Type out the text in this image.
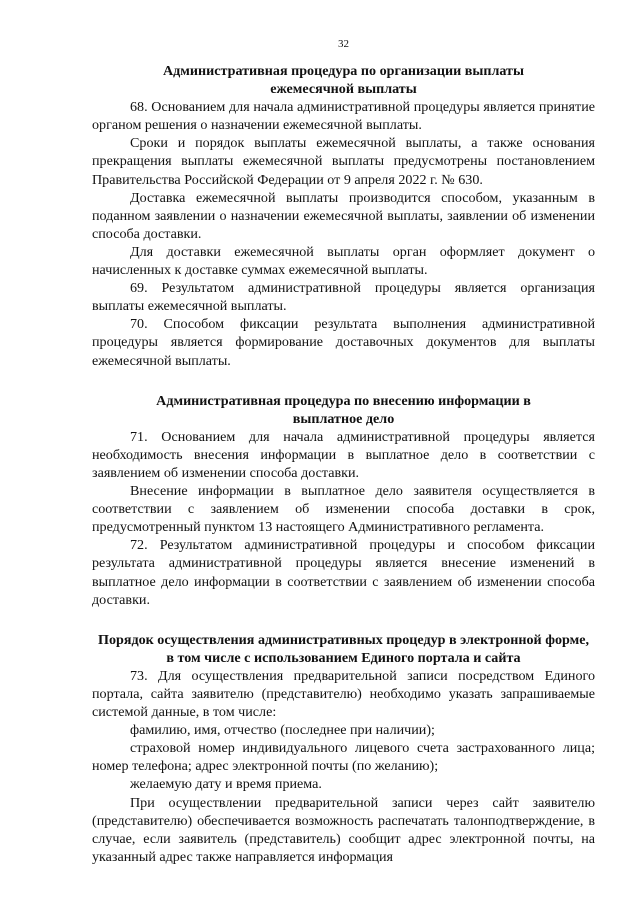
32
Административная процедура по организации выплаты ежемесячной выплаты

68. Основанием для начала административной процедуры является принятие органом решения о назначении ежемесячной выплаты.

Сроки и порядок выплаты ежемесячной выплаты, а также основания прекращения выплаты ежемесячной выплаты предусмотрены постановлением Правительства Российской Федерации от 9 апреля 2022 г. № 630.

Доставка ежемесячной выплаты производится способом, указанным в поданном заявлении о назначении ежемесячной выплаты, заявлении об изменении способа доставки.

Для доставки ежемесячной выплаты орган оформляет документ о начисленных к доставке суммах ежемесячной выплаты.

69. Результатом административной процедуры является организация выплаты ежемесячной выплаты.

70. Способом фиксации результата выполнения административной процедуры является формирование доставочных документов для выплаты ежемесячной выплаты.

Административная процедура по внесению информации в выплатное дело

71. Основанием для начала административной процедуры является необходимость внесения информации в выплатное дело в соответствии с заявлением об изменении способа доставки.

Внесение информации в выплатное дело заявителя осуществляется в соответствии с заявлением об изменении способа доставки в срок, предусмотренный пунктом 13 настоящего Административного регламента.

72. Результатом административной процедуры и способом фиксации результата административной процедуры является внесение изменений в выплатное дело информации в соответствии с заявлением об изменении способа доставки.

Порядок осуществления административных процедур в электронной форме, в том числе с использованием Единого портала и сайта

73. Для осуществления предварительной записи посредством Единого портала, сайта заявителю (представителю) необходимо указать запрашиваемые системой данные, в том числе:

фамилию, имя, отчество (последнее при наличии);

страховой номер индивидуального лицевого счета застрахованного лица; номер телефона; адрес электронной почты (по желанию);

желаемую дату и время приема.

При осуществлении предварительной записи через сайт заявителю (представителю) обеспечивается возможность распечатать талонподтверждение, в случае, если заявитель (представитель) сообщит адрес электронной почты, на указанный адрес также направляется информация
